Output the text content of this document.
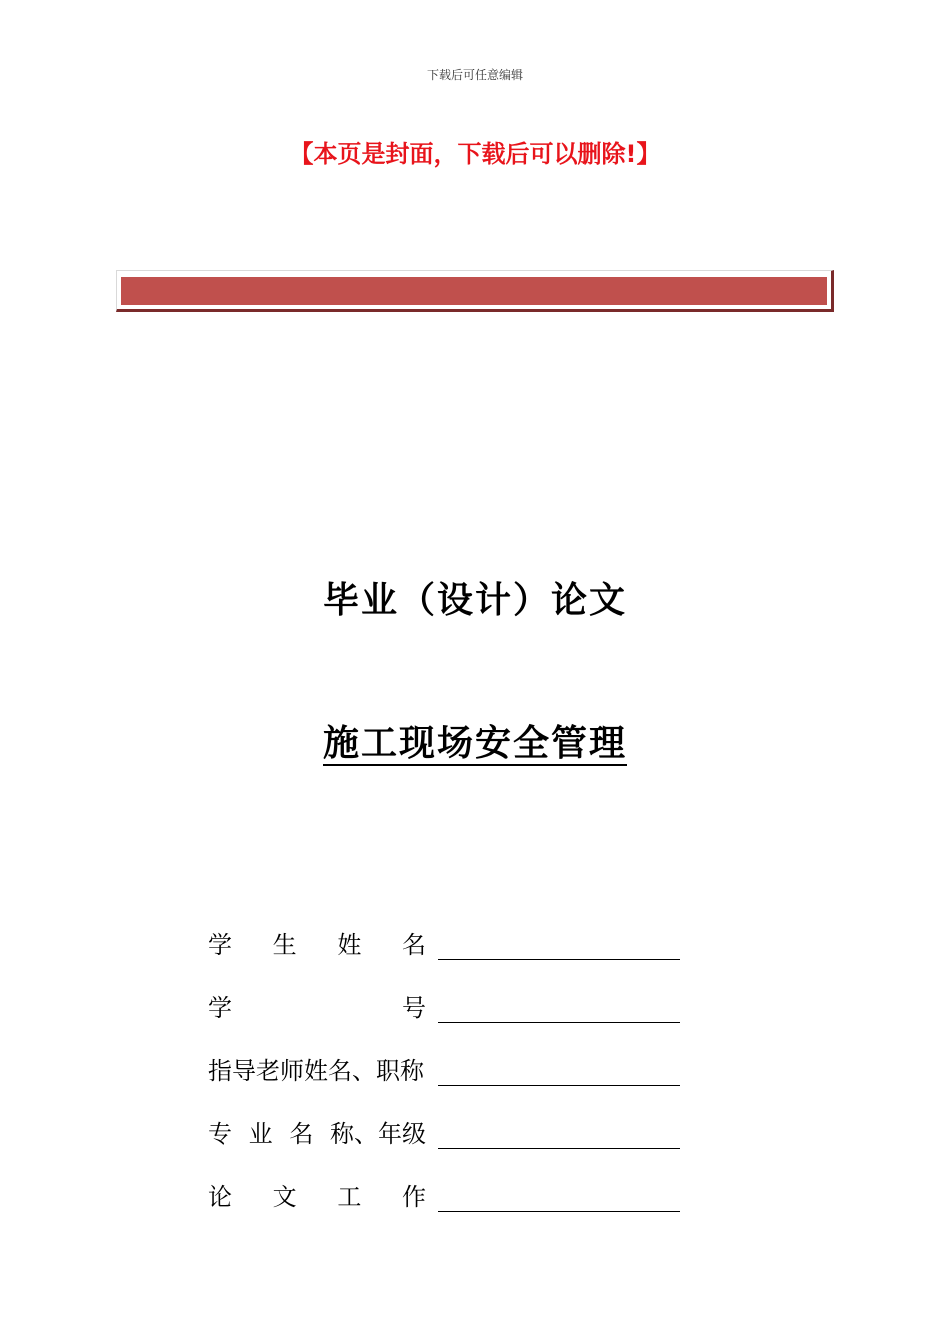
下载后可任意编辑
【本页是封面，下载后可以删除!】
毕业（设计）论文
施工现场安全管理
学 生 姓 名
学	号
指导老师姓名、职称
专 业 名 称、年级
论 文 工 作
